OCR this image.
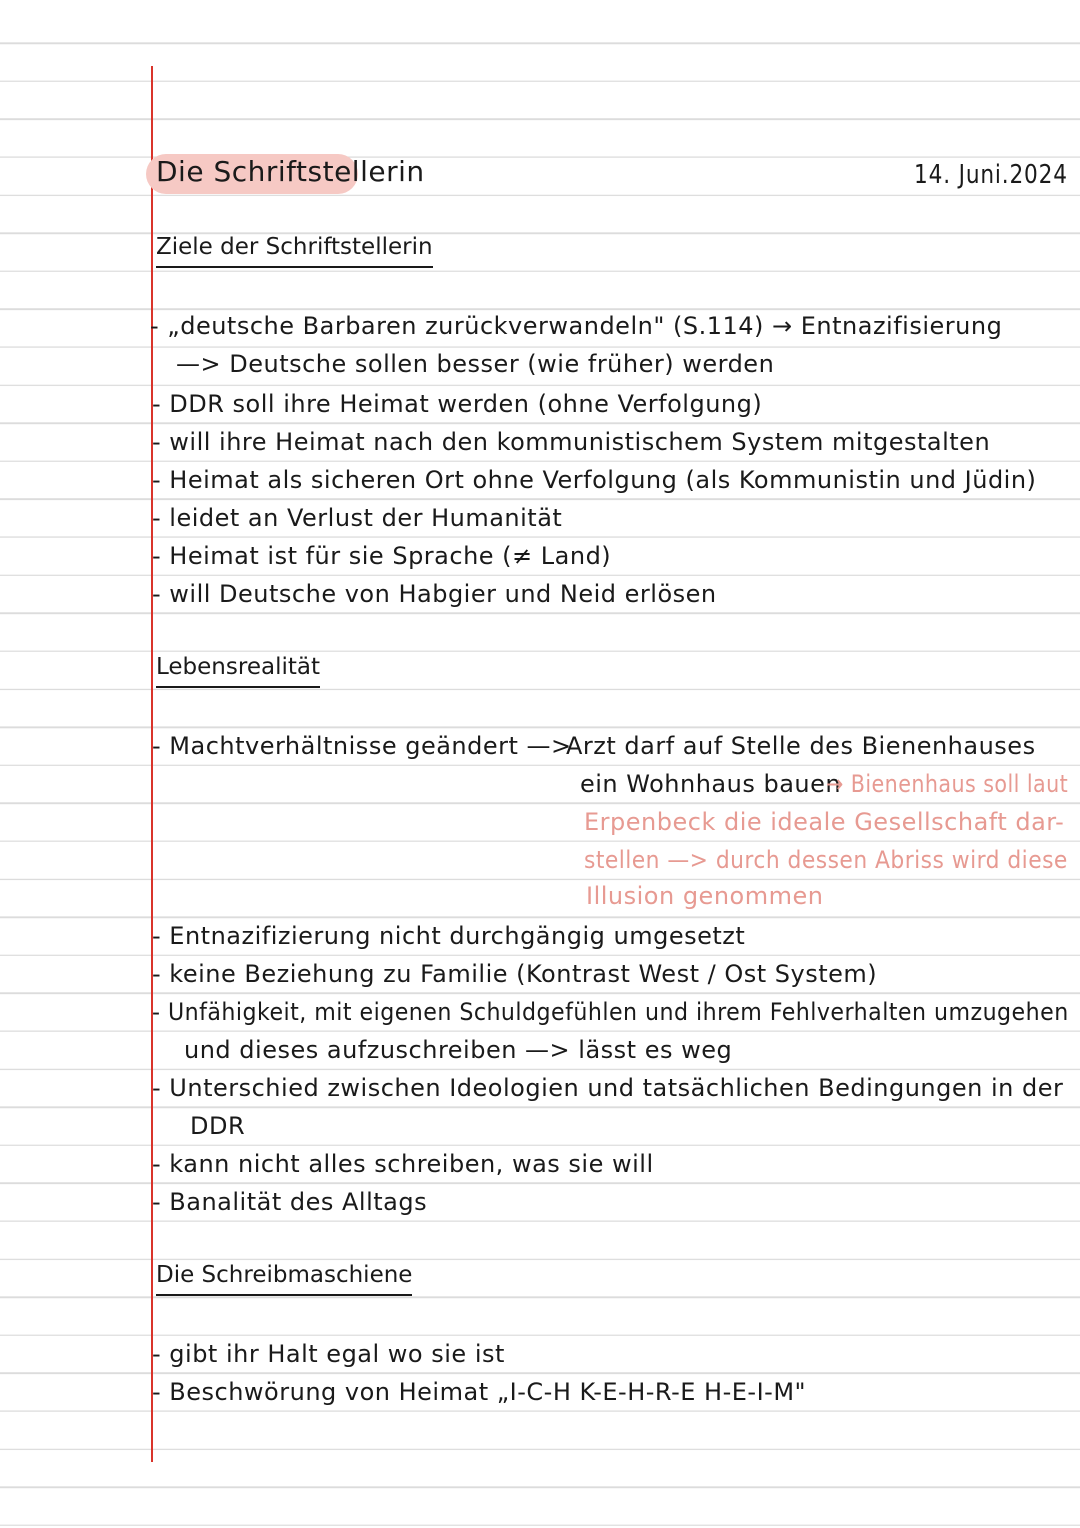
Die Schriftstellerin	14. Juni.2024
Ziele der Schriftstellerin
- „deutsche Barbaren zurückverwandeln" (S.114) → Entnazifisierung
—> Deutsche sollen besser (wie früher) werden
- DDR soll ihre Heimat werden (ohne Verfolgung)
- will ihre Heimat nach den kommunistischem System mitgestalten
- Heimat als sicheren Ort ohne Verfolgung (als Kommunistin und Jüdin)
- leidet an Verlust der Humanität
- Heimat ist für sie Sprache (≠ Land)
- will Deutsche von Habgier und Neid erlösen
Lebensrealität
- Machtverhältnisse geändert —>
Arzt darf auf Stelle des Bienenhauses
ein Wohnhaus bauen
→ Bienenhaus soll laut
Erpenbeck die ideale Gesellschaft dar-
stellen —> durch dessen Abriss wird diese
Illusion genommen
- Entnazifizierung nicht durchgängig umgesetzt
- keine Beziehung zu Familie (Kontrast West / Ost System)
- Unfähigkeit, mit eigenen Schuldgefühlen und ihrem Fehlverhalten umzugehen
und dieses aufzuschreiben —> lässt es weg
- Unterschied zwischen Ideologien und tatsächlichen Bedingungen in der
DDR
- kann nicht alles schreiben, was sie will
- Banalität des Alltags
Die Schreibmaschiene
- gibt ihr Halt egal wo sie ist
- Beschwörung von Heimat „I-C-H K-E-H-R-E H-E-I-M"
